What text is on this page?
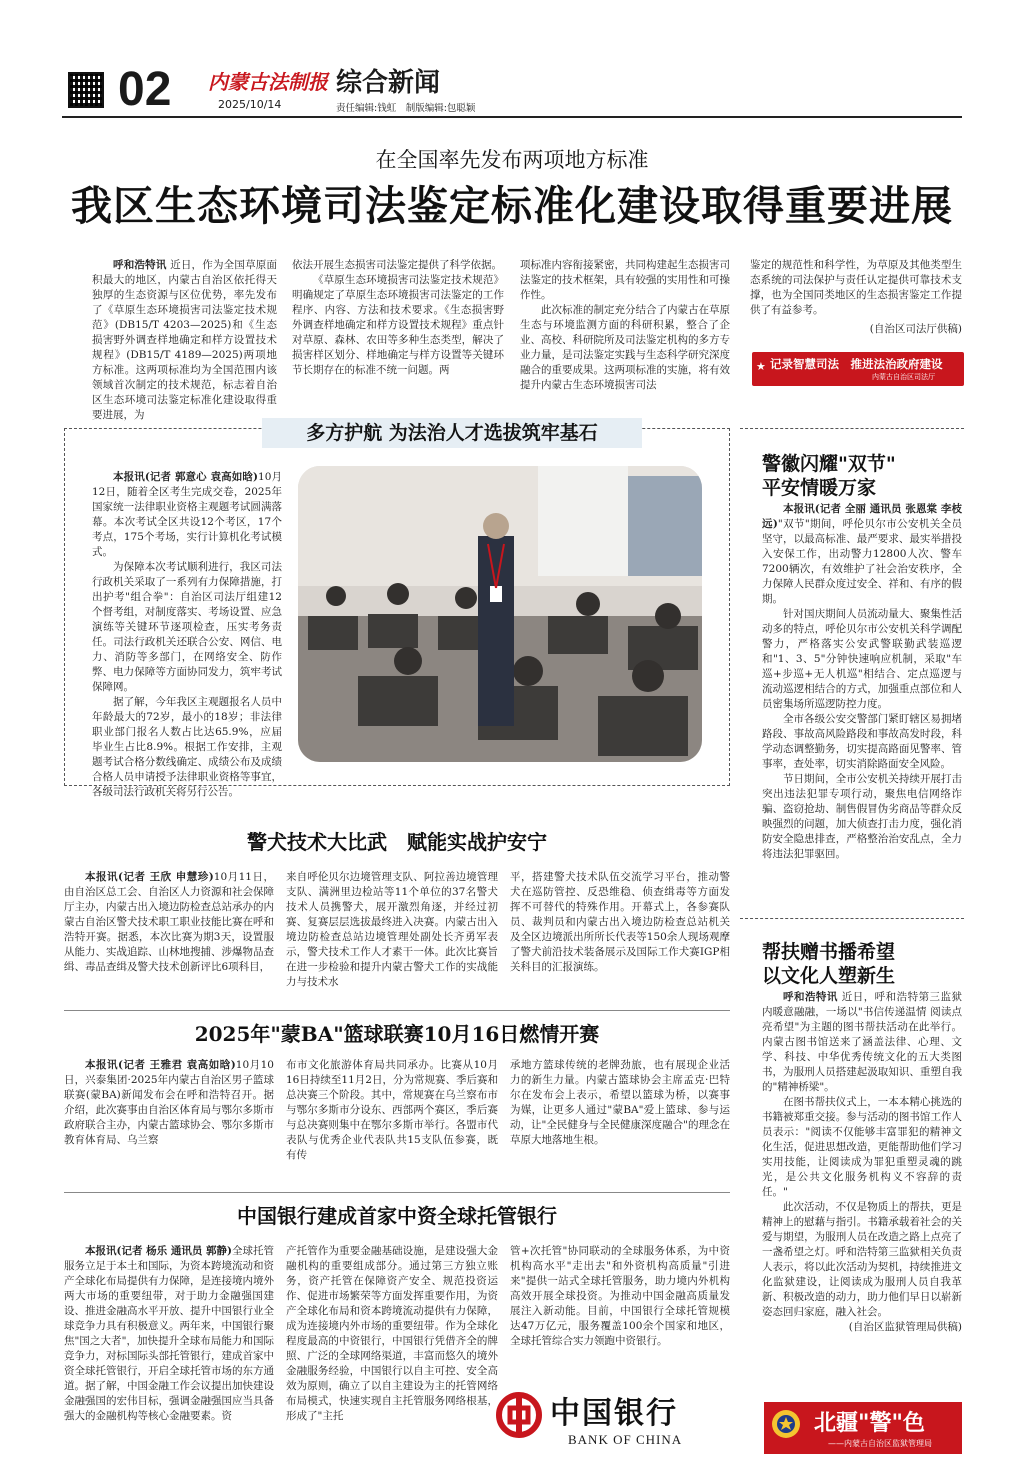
02 内蒙古法制报
2025/10/14
综合新闻
责任编辑:钱虹　制版编辑:包聪颖
在全国率先发布两项地方标准
我区生态环境司法鉴定标准化建设取得重要进展

呼和浩特讯 近日，作为全国草原面积最大的地区，内蒙古自治区依托得天独厚的生态资源与区位优势，率先发布了《草原生态环境损害司法鉴定技术规范》(DB15/T 4203—2025)和《生态损害野外调查样地确定和样方设置技术规程》(DB15/T 4189—2025)两项地方标准。这两项标准均为全国范围内该领域首次制定的技术规范，标志着自治区生态环境司法鉴定标准化建设取得重要进展，为

依法开展生态损害司法鉴定提供了科学依据。

《草原生态环境损害司法鉴定技术规范》明确规定了草原生态环境损害司法鉴定的工作程序、内容、方法和技术要求。《生态损害野外调查样地确定和样方设置技术规程》重点针对草原、森林、农田等多种生态类型，解决了损害样区划分、样地确定与样方设置等关键环节长期存在的标准不统一问题。两

项标准内容衔接紧密，共同构建起生态损害司法鉴定的技术框架，具有较强的实用性和可操作性。

此次标准的制定充分结合了内蒙古在草原生态与环境监测方面的科研积累，整合了企业、高校、科研院所及司法鉴定机构的多方专业力量，是司法鉴定实践与生态科学研究深度融合的重要成果。这两项标准的实施，将有效提升内蒙古生态环境损害司法

鉴定的规范性和科学性，为草原及其他类型生态系统的司法保护与责任认定提供可靠技术支撑，也为全国同类地区的生态损害鉴定工作提供了有益参考。

(自治区司法厅供稿)

记录智慧司法　推进法治政府建设
内蒙古自治区司法厅
★
多方护航 为法治人才选拔筑牢基石

本报讯(记者 郭意心 袁高如晗)10月12日，随着全区考生完成交卷，2025年国家统一法律职业资格主观题考试圆满落幕。本次考试全区共设12个考区，17个考点，175个考场，实行计算机化考试模式。

为保障本次考试顺利进行，我区司法行政机关采取了一系列有力保障措施，打出护考"组合拳"：自治区司法厅组建12个督考组，对制度落实、考场设置、应急演练等关键环节逐项检查，压实考务责任。司法行政机关还联合公安、网信、电力、消防等多部门，在网络安全、防作弊、电力保障等方面协同发力，筑牢考试保障网。

据了解，今年我区主观题报名人员中年龄最大的72岁，最小的18岁；非法律职业部门报名人数占比达65.9%，应届毕业生占比8.9%。根据工作安排，主观题考试合格分数线确定、成绩公布及成绩合格人员申请授予法律职业资格等事宜，各级司法行政机关将另行公告。

警犬技术大比武　赋能实战护安宁

本报讯(记者 王欣 申慧珍)10月11日，由自治区总工会、自治区人力资源和社会保障厅主办，内蒙古出入境边防检查总站承办的内蒙古自治区警犬技术职工职业技能比赛在呼和浩特开赛。据悉，本次比赛为期3天，设置服从能力、实战追踪、山林地搜捕、涉爆物品查缉、毒品查缉及警犬技术创新评比6项科目，

来自呼伦贝尔边境管理支队、阿拉善边境管理支队、满洲里边检站等11个单位的37名警犬技术人员携警犬，展开激烈角逐，并经过初赛、复赛层层选拔最终进入决赛。内蒙古出入境边防检查总站边境管理处副处长齐勇军表示，警犬技术工作人才素干一体。此次比赛旨在进一步检验和提升内蒙古警犬工作的实战能力与技术水

平，搭建警犬技术队伍交流学习平台，推动警犬在巡防管控、反恐维稳、侦查缉毒等方面发挥不可替代的特殊作用。开幕式上，各参赛队员、裁判员和内蒙古出入境边防检查总站机关及全区边境派出所所长代表等150余人现场观摩了警犬前沿技术装备展示及国际工作犬赛IGP相关科目的汇报演练。

2025年"蒙BA"篮球联赛10月16日燃情开赛

本报讯(记者 王雅君 袁高如晗)10月10日，兴泰集团·2025年内蒙古自治区男子篮球联赛(蒙BA)新闻发布会在呼和浩特召开。据介绍，此次赛事由自治区体育局与鄂尔多斯市政府联合主办，内蒙古篮球协会、鄂尔多斯市教育体育局、乌兰察

布市文化旅游体育局共同承办。比赛从10月16日持续至11月2日，分为常规赛、季后赛和总决赛三个阶段。其中，常规赛在乌兰察布市与鄂尔多斯市分设东、西部两个赛区，季后赛与总决赛则集中在鄂尔多斯市举行。各盟市代表队与优秀企业代表队共15支队伍参赛，既有传

承地方篮球传统的老牌劲旅，也有展现企业活力的新生力量。内蒙古篮球协会主席孟克·巴特尔在发布会上表示，希望以篮球为桥，以赛事为媒，让更多人通过"蒙BA"爱上篮球、参与运动，让"全民健身与全民健康深度融合"的理念在草原大地落地生根。

中国银行建成首家中资全球托管银行

本报讯(记者 杨乐 通讯员 郭静)全球托管服务立足于本土和国际，为资本跨境流动和资产全球化布局提供有力保障，是连接境内境外两大市场的重要纽带，对于助力金融强国建设、推进金融高水平开放、提升中国银行业全球竞争力具有积极意义。两年来，中国银行聚焦"国之大者"，加快提升全球布局能力和国际竞争力，对标国际头部托管银行，建成首家中资全球托管银行，开启全球托管市场的东方通道。据了解，中国金融工作会议提出加快建设金融强国的宏伟目标，强调金融强国应当具备强大的金融机构等核心金融要素。资

产托管作为重要金融基础设施，是建设强大金融机构的重要组成部分。通过第三方独立账务，资产托管在保障资产安全、规范投资运作、促进市场繁荣等方面发挥重要作用，为资产全球化布局和资本跨境流动提供有力保障，成为连接境内外市场的重要纽带。作为全球化程度最高的中资银行，中国银行凭借齐全的牌照、广泛的全球网络渠道，丰富而悠久的境外金融服务经验，中国银行以自主可控、安全高效为原则，确立了以自主建设为主的托管网络布局模式，快速实现自主托管服务网络根基，形成了"主托

管+次托管"协同联动的全球服务体系，为中资机构高水平"走出去"和外资机构高质量"引进来"提供一站式全球托管服务，助力境内外机构高效开展全球投资。为推动中国金融高质量发展注入新动能。目前，中国银行全球托管规模达47万亿元，服务覆盖100余个国家和地区，全球托管综合实力领跑中资银行。

中国银行
BANK OF CHINA
警徽闪耀"双节"
平安情暖万家

本报讯(记者 全丽 通讯员 张恩棠 李枝远)"双节"期间，呼伦贝尔市公安机关全员坚守，以最高标准、最严要求、最实举措投入安保工作，出动警力12800人次、警车7200辆次，有效维护了社会治安秩序，全力保障人民群众度过安全、祥和、有序的假期。

针对国庆期间人员流动量大、聚集性活动多的特点，呼伦贝尔市公安机关科学调配警力，严格落实公安武警联勤武装巡逻和"1、3、5"分钟快速响应机制，采取"车巡+步巡+无人机巡"相结合、定点巡逻与流动巡逻相结合的方式，加强重点部位和人员密集场所巡逻防控力度。

全市各级公安交警部门紧盯辖区易拥堵路段、事故高风险路段和事故高发时段，科学动态调整勤务，切实提高路面见警率、管事率，查处率，切实消除路面安全风险。

节日期间，全市公安机关持续开展打击突出违法犯罪专项行动，聚焦电信网络诈骗、盗窃抢劫、制售假冒伪劣商品等群众反映强烈的问题，加大侦查打击力度，强化消防安全隐患排查，严格整治治安乱点，全力将违法犯罪驱回。

帮扶赠书播希望
以文化人塑新生

呼和浩特讯 近日，呼和浩特第三监狱内暖意融融，一场以"书信传递温情 阅读点亮希望"为主题的图书帮扶活动在此举行。内蒙古图书馆送来了涵盖法律、心理、文学、科技、中华优秀传统文化的五大类图书，为服刑人员搭建起汲取知识、重塑自我的"精神桥梁"。

在图书帮扶仪式上，一本本精心挑选的书籍被郑重交接。参与活动的图书馆工作人员表示："阅读不仅能够丰富罪犯的精神文化生活，促进思想改造，更能帮助他们学习实用技能，让阅读成为罪犯重塑灵魂的跳光，是公共文化服务机构义不容辞的责任。"

此次活动，不仅是物质上的帮扶，更是精神上的慰藉与指引。书籍承载着社会的关爱与期望，为服刑人员在改造之路上点亮了一盏希望之灯。呼和浩特第三监狱相关负责人表示，将以此次活动为契机，持续推进文化监狱建设，让阅读成为服刑人员自我革新、积极改造的动力，助力他们早日以崭新姿态回归家庭，融入社会。

(自治区监狱管理局供稿)

北疆"警"色
——内蒙古自治区监狱管理局
